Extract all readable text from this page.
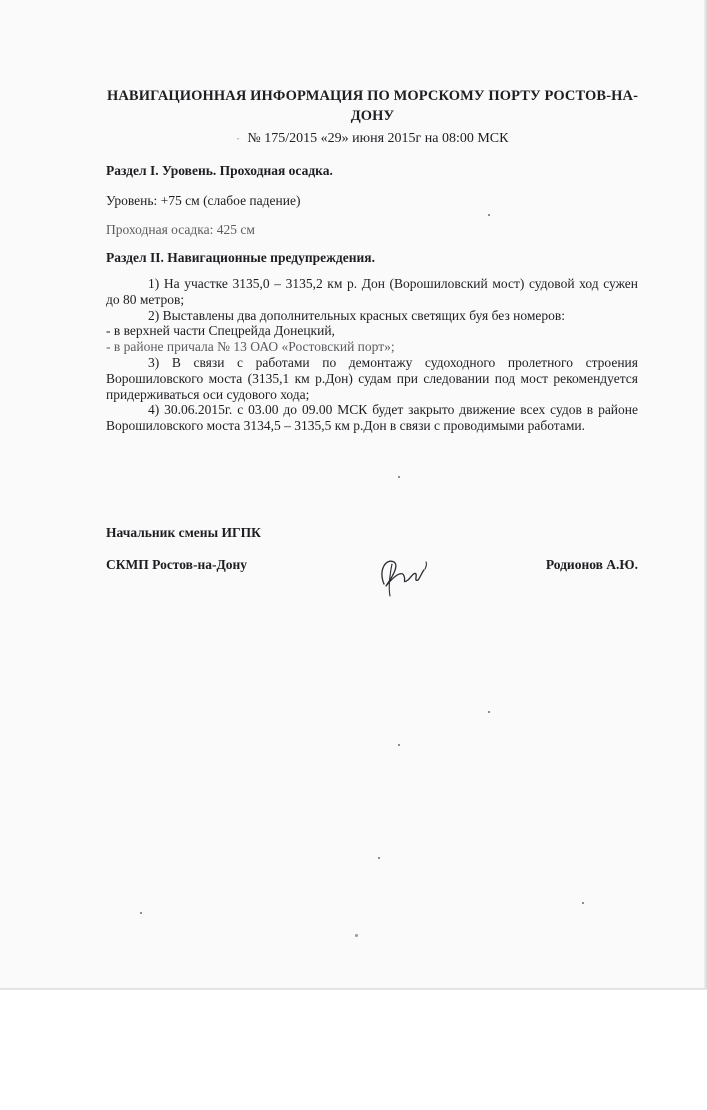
НАВИГАЦИОННАЯ ИНФОРМАЦИЯ ПО МОРСКОМУ ПОРТУ РОСТОВ-НА-ДОНУ
‧ № 175/2015 «29» июня 2015г на 08:00 МСК
Раздел I. Уровень. Проходная осадка.
Уровень: +75 см (слабое падение)
Проходная осадка: 425 см
Раздел II. Навигационные предупреждения.

1) На участке 3135,0 – 3135,2 км р. Дон (Ворошиловский мост) судовой ход сужен до 80 метров;

2) Выставлены два дополнительных красных светящих буя без номеров:

- в верхней части Спецрейда Донецкий,

- в районе причала № 13 ОАО «Ростовский порт»;

3) В связи с работами по демонтажу судоходного пролетного строения Ворошиловского моста (3135,1 км р.Дон) судам при следовании под мост рекомендуется придерживаться оси судового хода;

4) 30.06.2015г. с 03.00 до 09.00 МСК будет закрыто движение всех судов в районе Ворошиловского моста 3134,5 – 3135,5 км р.Дон в связи с проводимыми работами.

Начальник смены ИГПК
СКМП Ростов-на-Дону	Родионов А.Ю.
